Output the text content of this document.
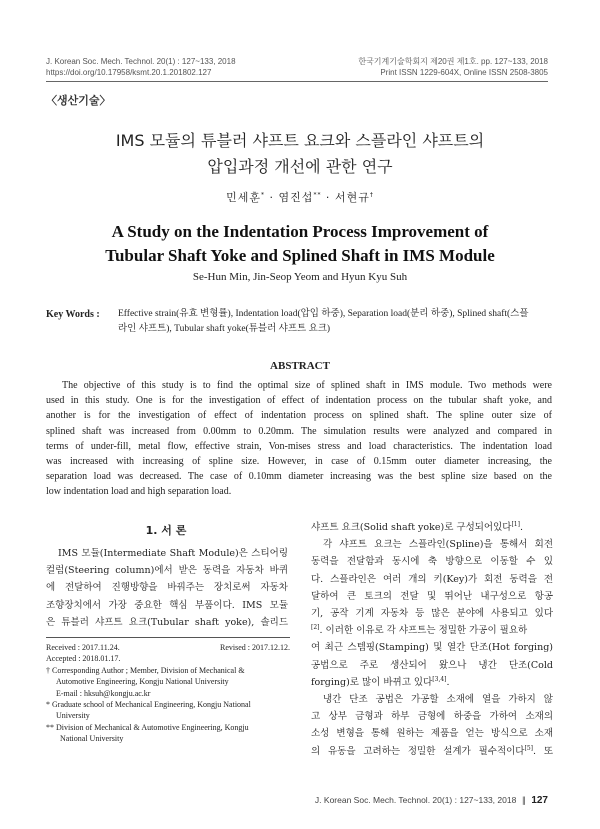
J. Korean Soc. Mech. Technol. 20(1) : 127~133, 2018
https://doi.org/10.17958/ksmt.20.1.201802.127
한국기계기술학회지 제20권 제1호. pp. 127~133, 2018
Print ISSN 1229-604X, Online ISSN 2508-3805
〈생산기술〉
IMS 모듈의 튜블러 샤프트 요크와 스플라인 샤프트의
압입과정 개선에 관한 연구
민세훈* · 염진섭** · 서현규†
A Study on the Indentation Process Improvement of
Tubular Shaft Yoke and Splined Shaft in IMS Module
Se-Hun Min, Jin-Seop Yeom and Hyun Kyu Suh
Key Words : Effective strain(유효 변형률), Indentation load(압입 하중), Separation load(분리 하중), Splined shaft(스플
라인 샤프트), Tubular shaft yoke(튜블러 샤프트 요크)
ABSTRACT
The objective of this study is to find the optimal size of splined shaft in IMS module. Two methods were
used in this study. One is for the investigation of effect of indentation process on the tubular shaft yoke, and
another is for the investigation of effect of indentation process on splined shaft. The spline outer size of
splined shaft was increased from 0.00mm to 0.20mm. The simulation results were analyzed and compared in
terms of under-fill, metal flow, effective strain, Von-mises stress and load characteristics. The indentation load
was increased with increasing of spline size. However, in case of 0.15mm outer diameter increasing, the
separation load was decreased. The case of 0.10mm diameter increasing was the best spline size based on the
low indentation load and high separation load.
1. 서 론
IMS 모듈(Intermediate Shaft Module)은 스티어링
컬럼(Steering column)에서 받은 동력을 자동차 바퀴
에 전달하여 진행방향을 바꿔주는 장치로써 자동차
조향장치에서 가장 중요한 핵심 부품이다. IMS 모듈
은 튜블러 샤프트 요크(Tubular shaft yoke), 솔리드
Received : 2017.11.24.	Revised : 2017.12.12.
Accepted : 2018.01.17.
† Corresponding Author ; Member, Division of Mechanical &
Automotive Engineering, Kongju National University
E-mail : hksuh@kongju.ac.kr
* Graduate school of Mechanical Engineering, Kongju National
University
** Division of Mechanical & Automotive Engineering, Kongju
National University
샤프트 요크(Solid shaft yoke)로 구성되어있다[1].
각 샤프트 요크는 스플라인(Spline)을 통해서 회전
동력을 전달함과 동시에 축 방향으로 이동할 수 있
다. 스플라인은 여러 개의 키(Key)가 회전 동력을 전
달하여 큰 토크의 전달 및 뛰어난 내구성으로 항공
기, 공작 기계 자동차 등 많은 분야에 사용되고 있다
[2]. 이러한 이유로 각 샤프트는 정밀한 가공이 필요하
여 최근 스템핑(Stamping) 및 열간 단조(Hot forging)
공법으로 주로 생산되어 왔으나 냉간 단조(Cold
forging)로 많이 바뀌고 있다[3,4].
냉간 단조 공법은 가공할 소재에 열을 가하지 않
고 상부 금형과 하부 금형에 하중을 가하여 소재의
소성 변형을 통해 원하는 제품을 얻는 방식으로 소재
의 유동을 고려하는 정밀한 설계가 필수적이다[5]. 또
J. Korean Soc. Mech. Technol. 20(1) : 127~133, 2018 ∥ 127
